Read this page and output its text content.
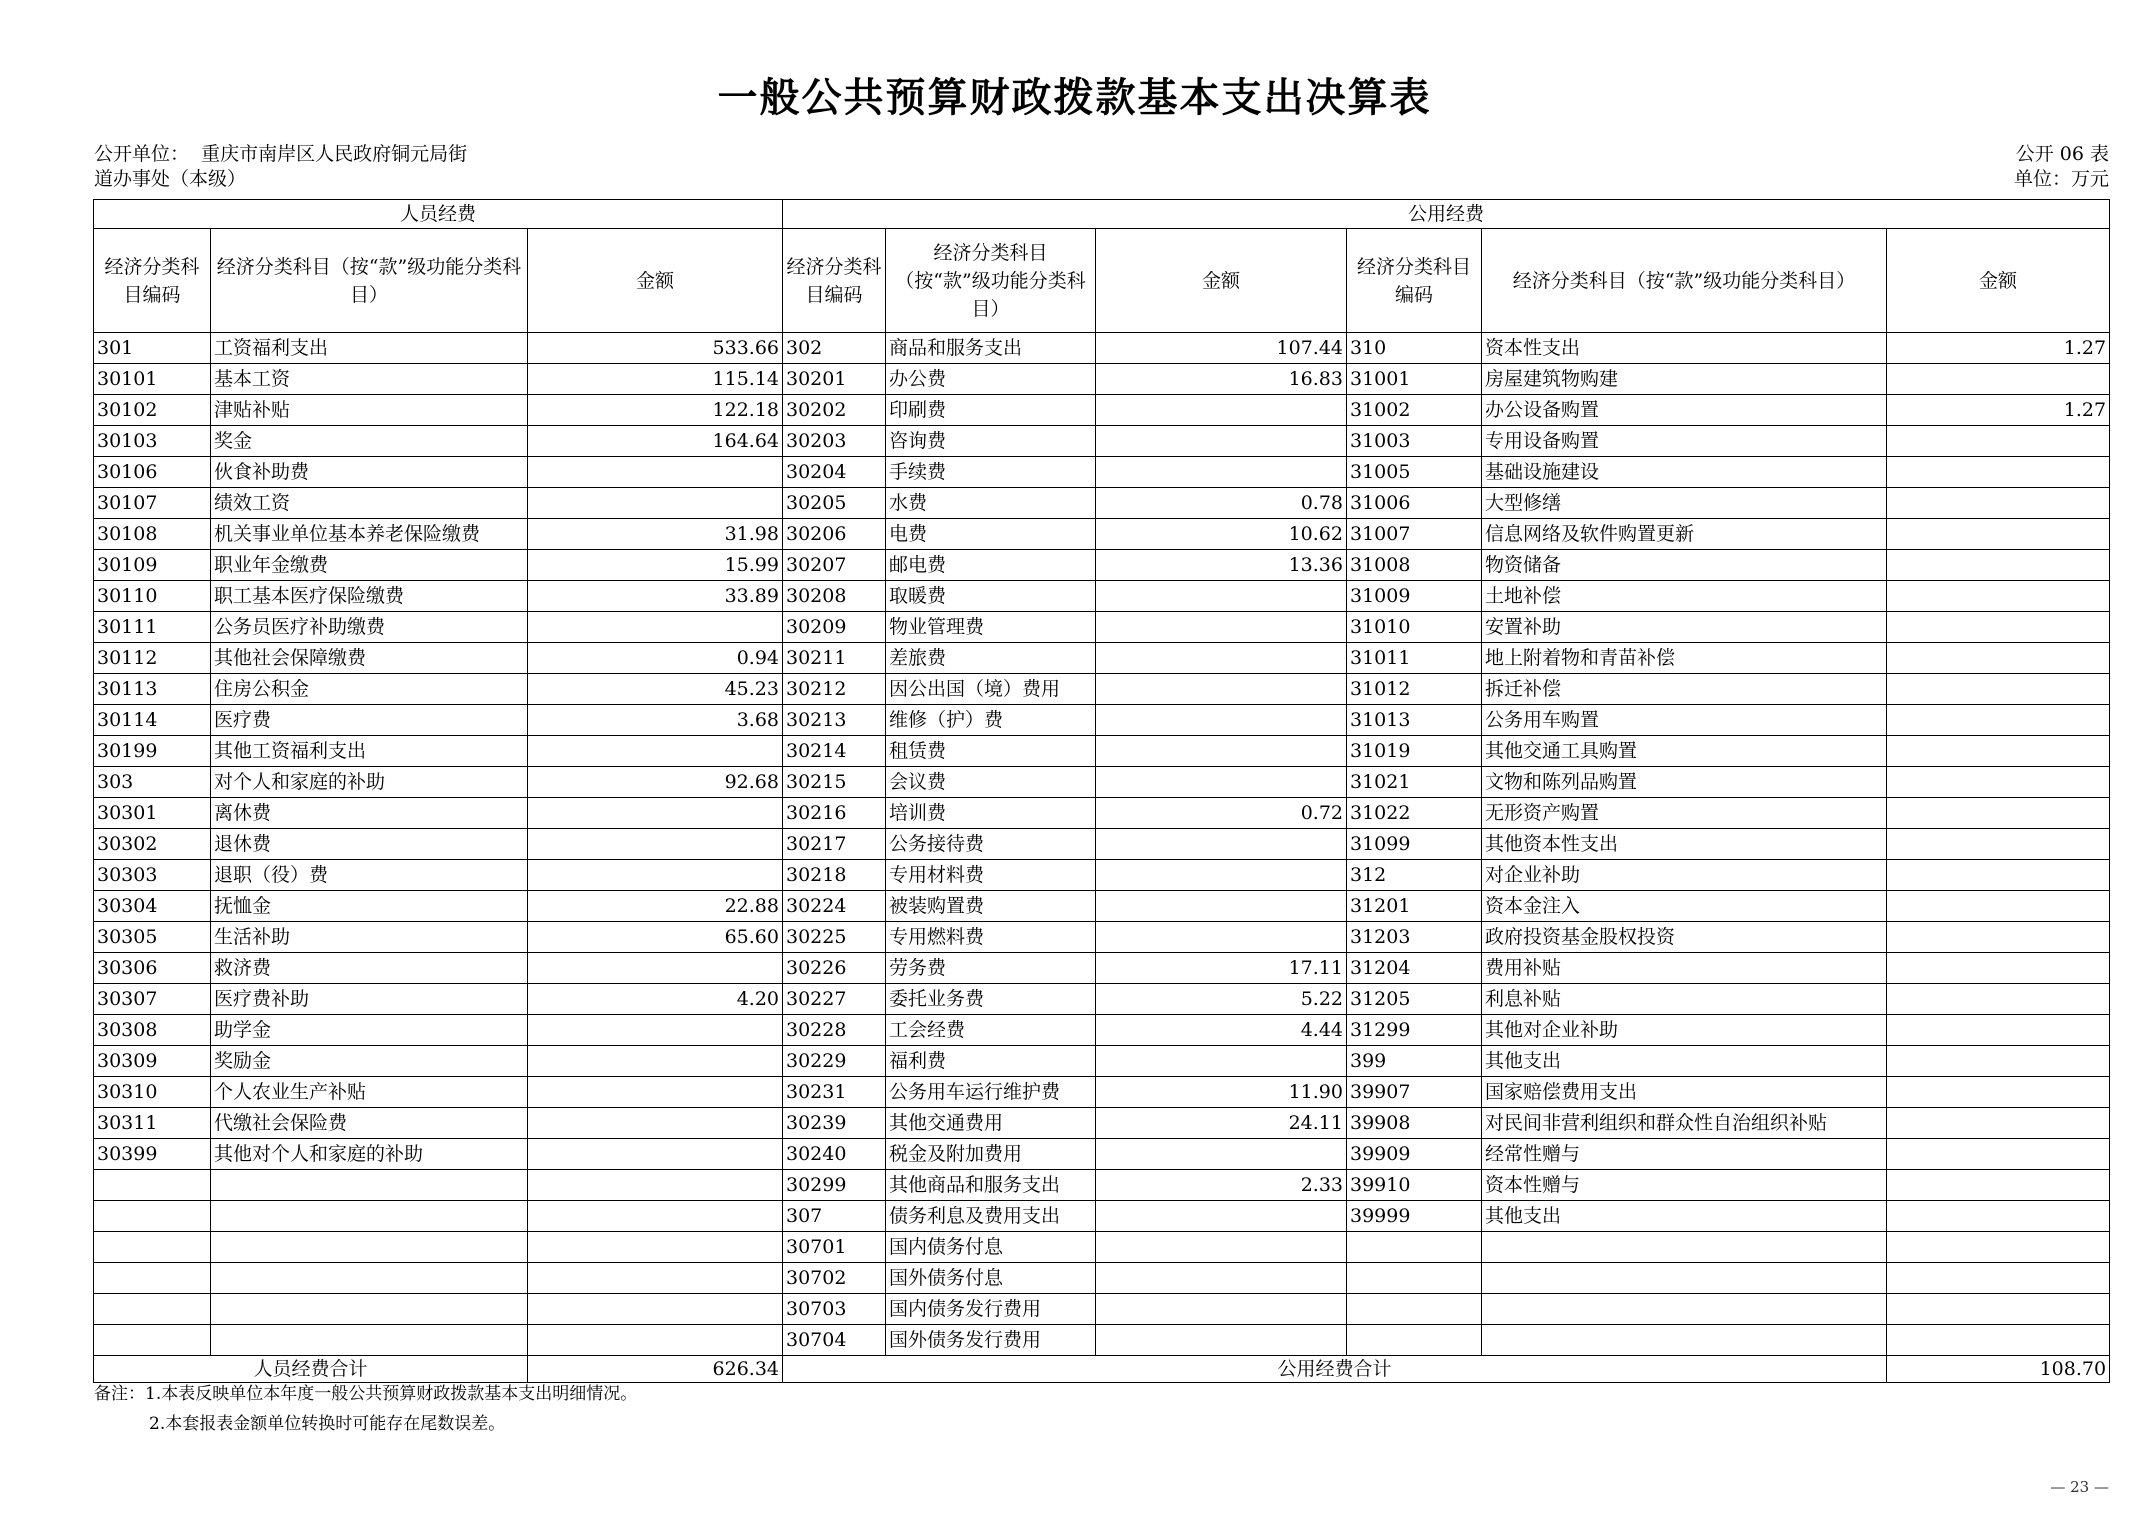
一般公共预算财政拨款基本支出决算表
公开单位： 重庆市南岸区人民政府铜元局街
道办事处（本级）
公开 06 表
单位：万元
人员经费			公用经费					
经济分类科目编码	经济分类科目（按“款”级功能分类科目）	金额	经济分类科目编码	经济分类科目（按“款”级功能分类科目）	金额	经济分类科目编码	经济分类科目（按“款”级功能分类科目）	金额
301	工资福利支出	533.66	302	商品和服务支出	107.44	310	资本性支出	1.27
30101	基本工资	115.14	30201	办公费	16.83	31001	房屋建筑物购建	
30102	津贴补贴	122.18	30202	印刷费		31002	办公设备购置	1.27
30103	奖金	164.64	30203	咨询费		31003	专用设备购置	
30106	伙食补助费		30204	手续费		31005	基础设施建设	
30107	绩效工资		30205	水费	0.78	31006	大型修缮	
30108	机关事业单位基本养老保险缴费	31.98	30206	电费	10.62	31007	信息网络及软件购置更新	
30109	职业年金缴费	15.99	30207	邮电费	13.36	31008	物资储备	
30110	职工基本医疗保险缴费	33.89	30208	取暖费		31009	土地补偿	
30111	公务员医疗补助缴费		30209	物业管理费		31010	安置补助	
30112	其他社会保障缴费	0.94	30211	差旅费		31011	地上附着物和青苗补偿	
30113	住房公积金	45.23	30212	因公出国（境）费用		31012	拆迁补偿	
30114	医疗费	3.68	30213	维修（护）费		31013	公务用车购置	
30199	其他工资福利支出		30214	租赁费		31019	其他交通工具购置	
303	对个人和家庭的补助	92.68	30215	会议费		31021	文物和陈列品购置	
30301	离休费		30216	培训费	0.72	31022	无形资产购置	
30302	退休费		30217	公务接待费		31099	其他资本性支出	
30303	退职（役）费		30218	专用材料费		312	对企业补助	
30304	抚恤金	22.88	30224	被装购置费		31201	资本金注入	
30305	生活补助	65.60	30225	专用燃料费		31203	政府投资基金股权投资	
30306	救济费		30226	劳务费	17.11	31204	费用补贴	
30307	医疗费补助	4.20	30227	委托业务费	5.22	31205	利息补贴	
30308	助学金		30228	工会经费	4.44	31299	其他对企业补助	
30309	奖励金		30229	福利费		399	其他支出	
30310	个人农业生产补贴		30231	公务用车运行维护费	11.90	39907	国家赔偿费用支出	
30311	代缴社会保险费		30239	其他交通费用	24.11	39908	对民间非营利组织和群众性自治组织补贴	
30399	其他对个人和家庭的补助		30240	税金及附加费用		39909	经常性赠与	
			30299	其他商品和服务支出	2.33	39910	资本性赠与	
			307	债务利息及费用支出		39999	其他支出	
			30701	国内债务付息				
			30702	国外债务付息				
			30703	国内债务发行费用				
			30704	国外债务发行费用				
人员经费合计		626.34	公用经费合计					108.70
备注：1.本表反映单位本年度一般公共预算财政拨款基本支出明细情况。
2.本套报表金额单位转换时可能存在尾数误差。
— 23 —
